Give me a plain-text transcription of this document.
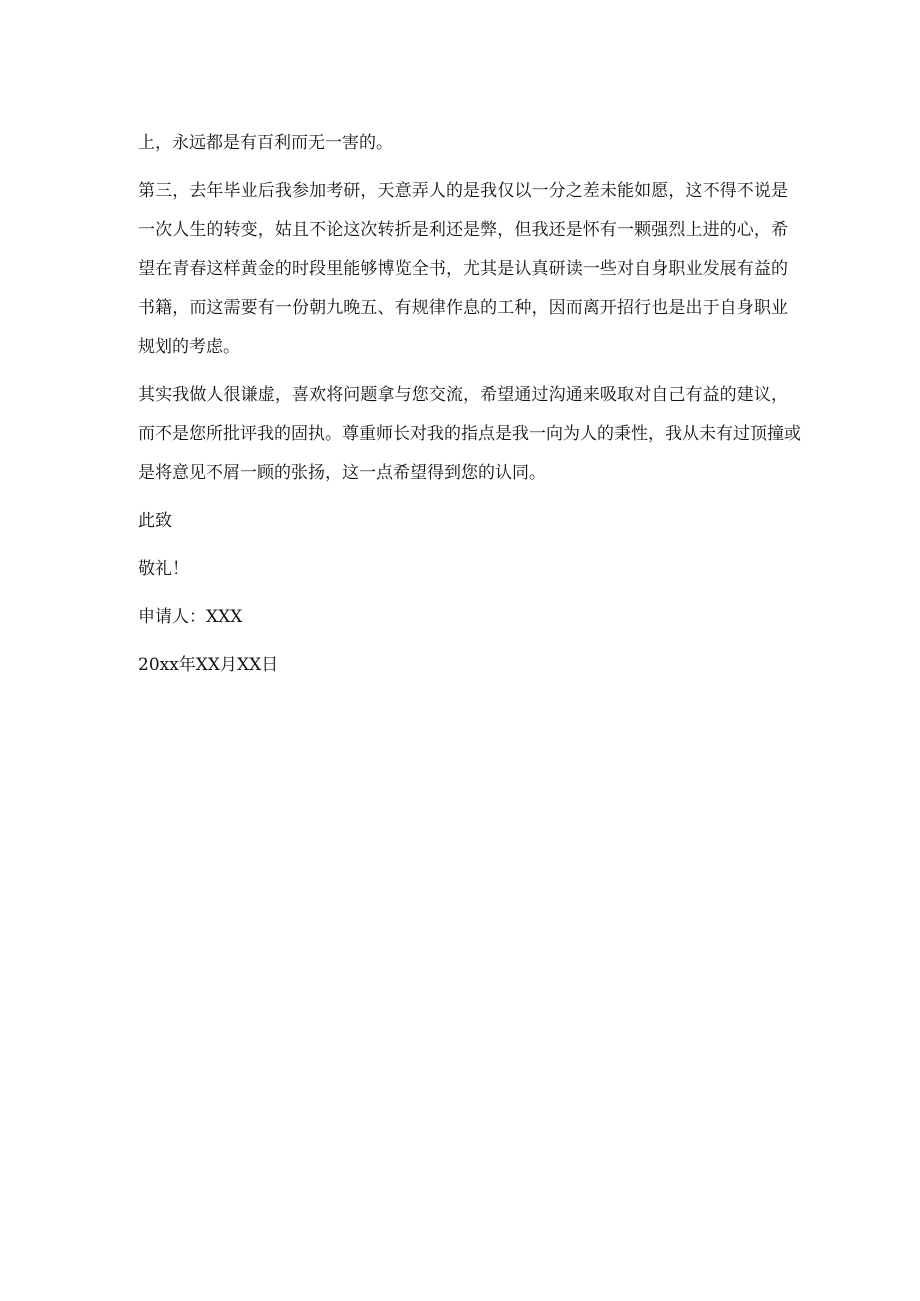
上，永远都是有百利而无一害的。
第三，去年毕业后我参加考研，天意弄人的是我仅以一分之差未能如愿，这不得不说是
一次人生的转变，姑且不论这次转折是利还是弊，但我还是怀有一颗强烈上进的心，希
望在青春这样黄金的时段里能够博览全书，尤其是认真研读一些对自身职业发展有益的
书籍，而这需要有一份朝九晚五、有规律作息的工种，因而离开招行也是出于自身职业
规划的考虑。
其实我做人很谦虚，喜欢将问题拿与您交流，希望通过沟通来吸取对自己有益的建议，
而不是您所批评我的固执。尊重师长对我的指点是我一向为人的秉性，我从未有过顶撞或
是将意见不屑一顾的张扬，这一点希望得到您的认同。
此致
敬礼！
申请人：XXX
20xx年XX月XX日
